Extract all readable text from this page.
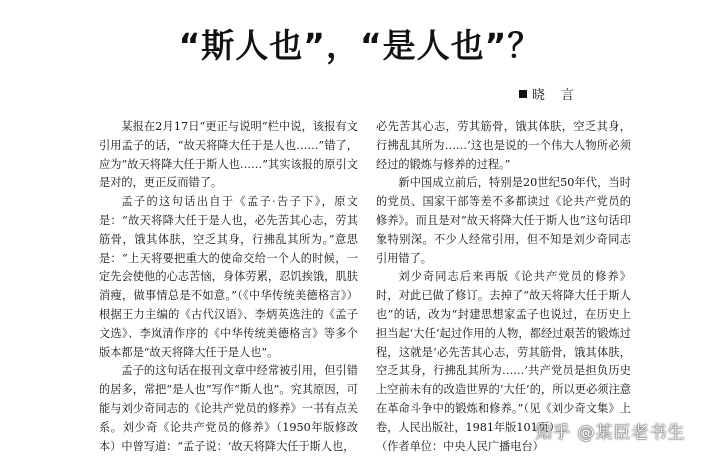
“斯人也”，“是人也”？
晓 言

某报在2月17日“更正与说明”栏中说，该报有文引用孟子的话，“故天将降大任于是人也……”错了，应为“故天将降大任于斯人也……”其实该报的原引文是对的，更正反而错了。

孟子的这句话出自于《孟子·告子下》，原文是：“故天将降大任于是人也，必先苦其心志，劳其筋骨，饿其体肤，空乏其身，行拂乱其所为。”意思是：“上天将要把重大的使命交给一个人的时候，一定先会使他的心志苦恼，身体劳累，忍饥挨饿，肌肤消瘦，做事情总是不如意。”（《中华传统美德格言》）根据王力主编的《古代汉语》、李炳英选注的《孟子文选》、李岚清作序的《中华传统美德格言》等多个版本都是“故天将降大任于是人也”。

孟子的这句话在报刊文章中经常被引用，但引错的居多，常把“是人也”写作“斯人也”。究其原因，可能与刘少奇同志的《论共产党员的修养》一书有点关系。刘少奇《论共产党员的修养》（1950年版修改本）中曾写道：“孟子说：‘故天将降大任于斯人也，

必先苦其心志，劳其筋骨，饿其体肤，空乏其身，行拂乱其所为……’这也是说的一个伟大人物所必须经过的锻炼与修养的过程。”

新中国成立前后，特别是20世纪50年代，当时的党员、国家干部等差不多都读过《论共产党员的修养》。而且是对“故天将降大任于斯人也”这句话印象特别深。不少人经常引用，但不知是刘少奇同志引用错了。

刘少奇同志后来再版《论共产党员的修养》时，对此已做了修订。去掉了“故天将降大任于斯人也”的话，改为“封建思想家孟子也说过，在历史上担当起‘大任’起过作用的人物，都经过艰苦的锻炼过程，这就是‘必先苦其心志，劳其筋骨，饿其体肤，空乏其身，行拂乱其所为……’共产党员是担负历史上空前未有的改造世界的‘大任’的，所以更必须注意在革命斗争中的锻炼和修养。”（见《刘少奇文集》上卷，人民出版社，1981年版101页）

（作者单位：中央人民广播电台）

知乎 @某臣老书生
